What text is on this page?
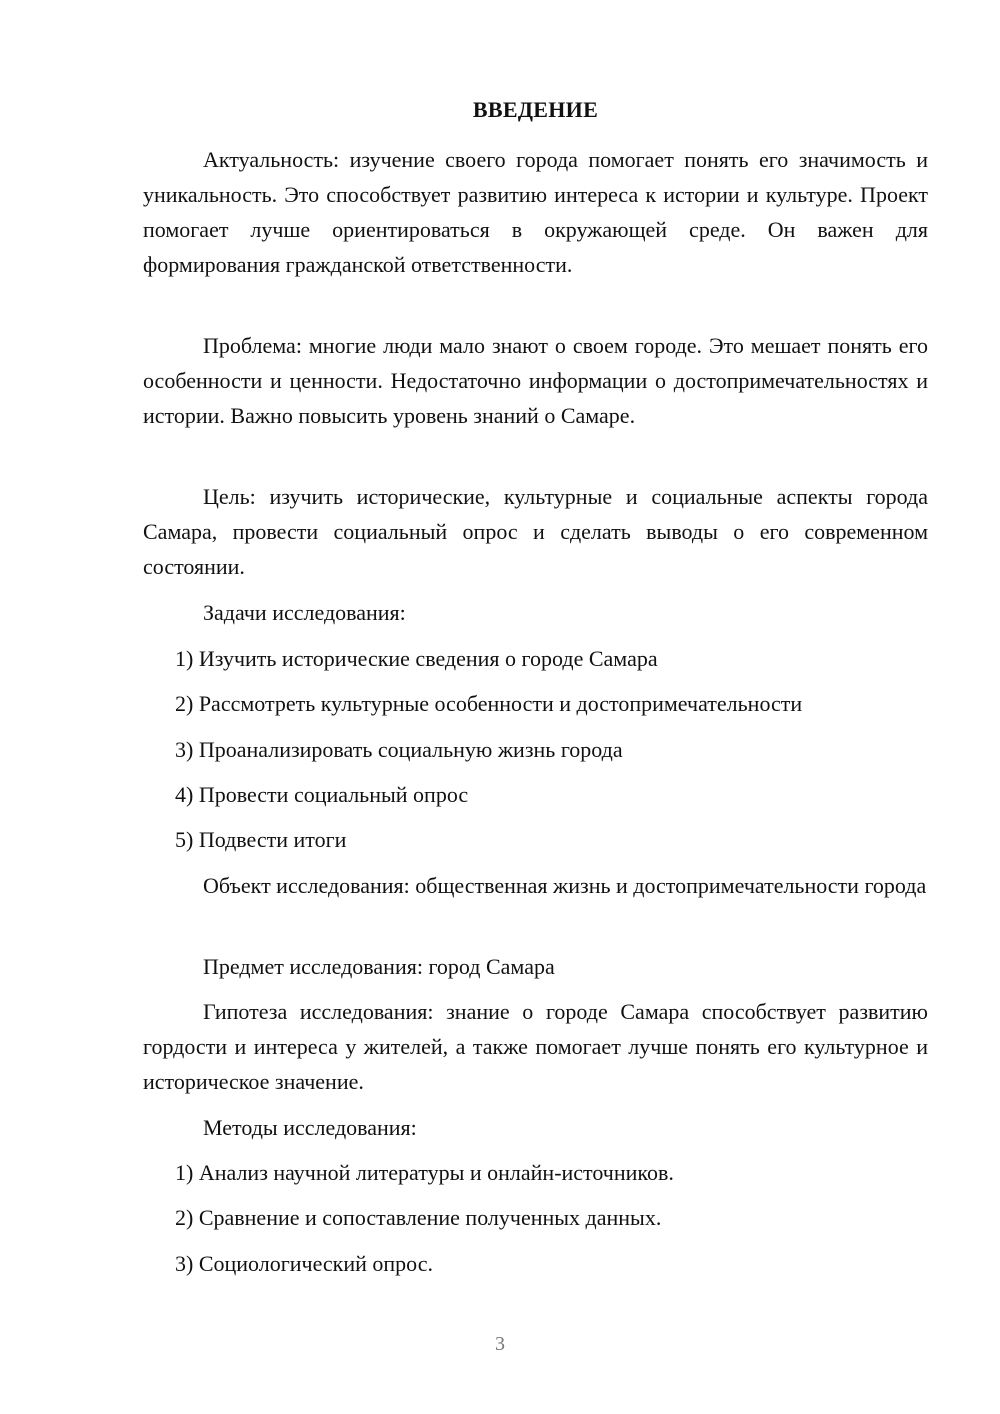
ВВЕДЕНИЕ

Актуальность: изучение своего города помогает понять его значимость и уникальность. Это способствует развитию интереса к истории и культуре. Проект помогает лучше ориентироваться в окружающей среде. Он важен для формирования гражданской ответственности.

Проблема: многие люди мало знают о своем городе. Это мешает понять его особенности и ценности. Недостаточно информации о достопримечательностях и истории. Важно повысить уровень знаний о Самаре.

Цель: изучить исторические, культурные и социальные аспекты города Самара, провести социальный опрос и сделать выводы о его современном состоянии.

Задачи исследования:
1) Изучить исторические сведения о городе Самара
2) Рассмотреть культурные особенности и достопримечательности
3) Проанализировать социальную жизнь города
4) Провести социальный опрос
5) Подвести итоги

Объект исследования: общественная жизнь и достопримечательности города

Предмет исследования: город Самара

Гипотеза исследования: знание о городе Самара способствует развитию гордости и интереса у жителей, а также помогает лучше понять его культурное и историческое значение.

Методы исследования:
1) Анализ научной литературы и онлайн-источников.
2) Сравнение и сопоставление полученных данных.
3) Социологический опрос.
3
